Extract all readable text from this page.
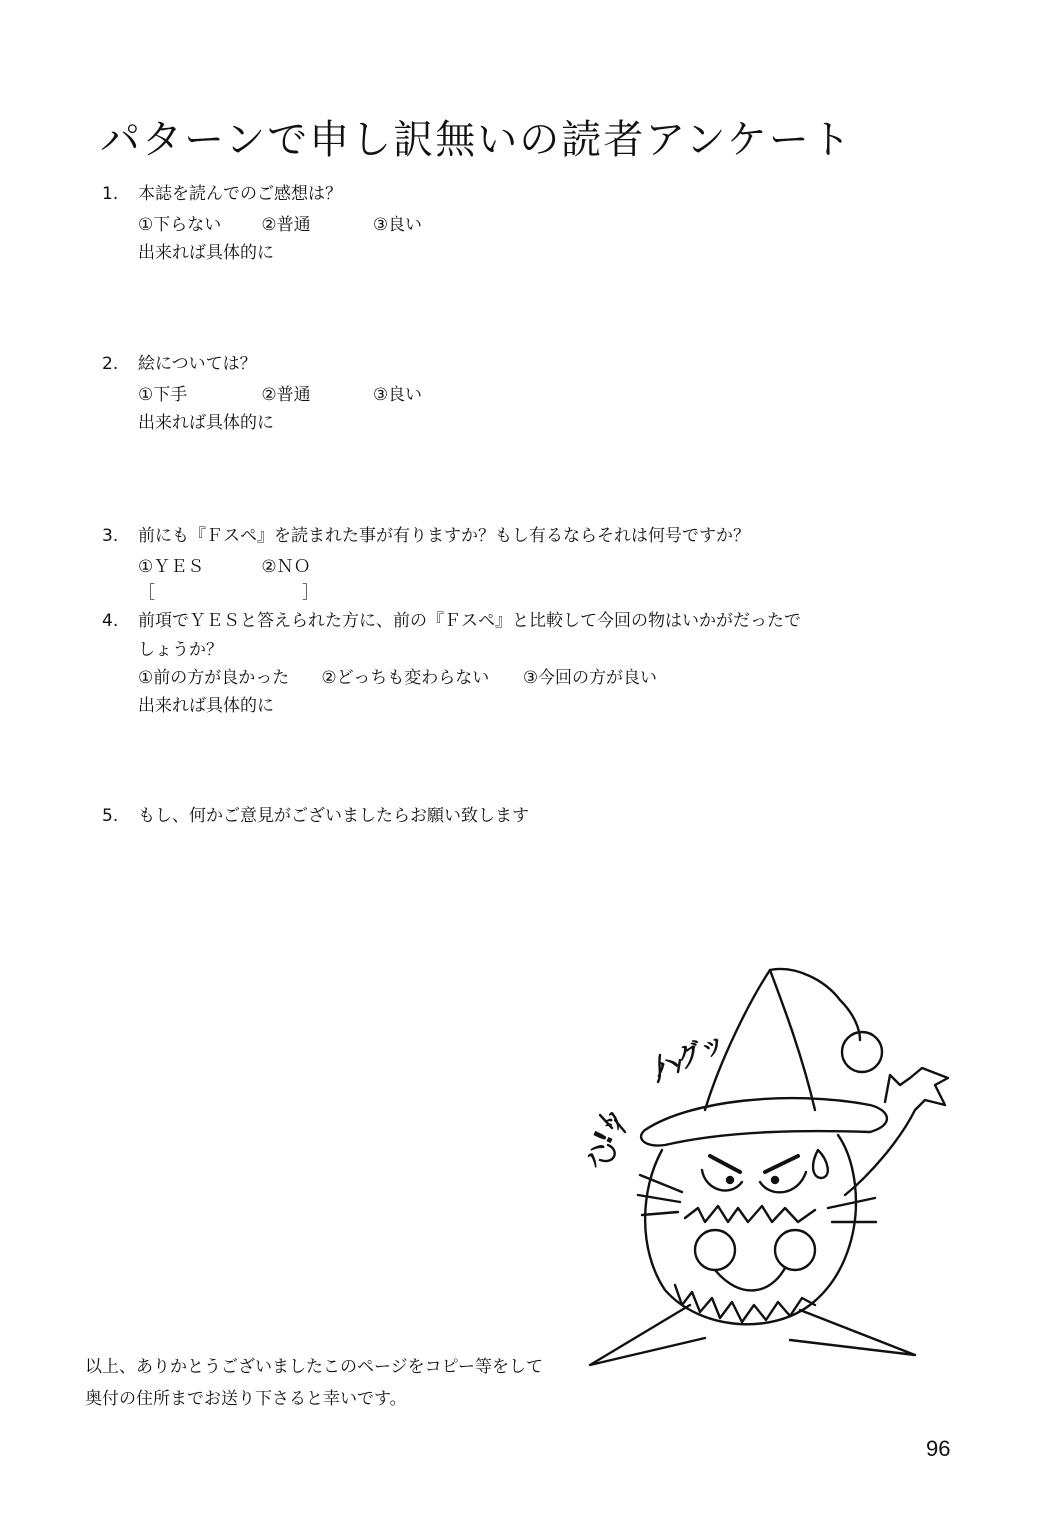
パターンで申し訳無いの読者アンケート
1. 本誌を読んでのご感想は？
①下らない ②普通	③良い
出来れば具体的に
2. 絵については？
①下手	②普通	③良い
出来れば具体的に
3. 前にも『Ｆスペ』を読まれた事が有りますか？もし有るならそれは何号ですか？
①ＹＥＳ	②ＮＯ
［	］
4. 前項でＹＥＳと答えられた方に、前の『Ｆスペ』と比較して今回の物はいかがだったで
しょうか？
①前の方が良かった ②どっちも変わらない ③今回の方が良い
出来れば具体的に
5. もし、何かご意見がございましたらお願い致します
ハグッ
ハ!ッ
以上、ありかとうございましたこのページをコピー等をして
奥付の住所までお送り下さると幸いです。
96
